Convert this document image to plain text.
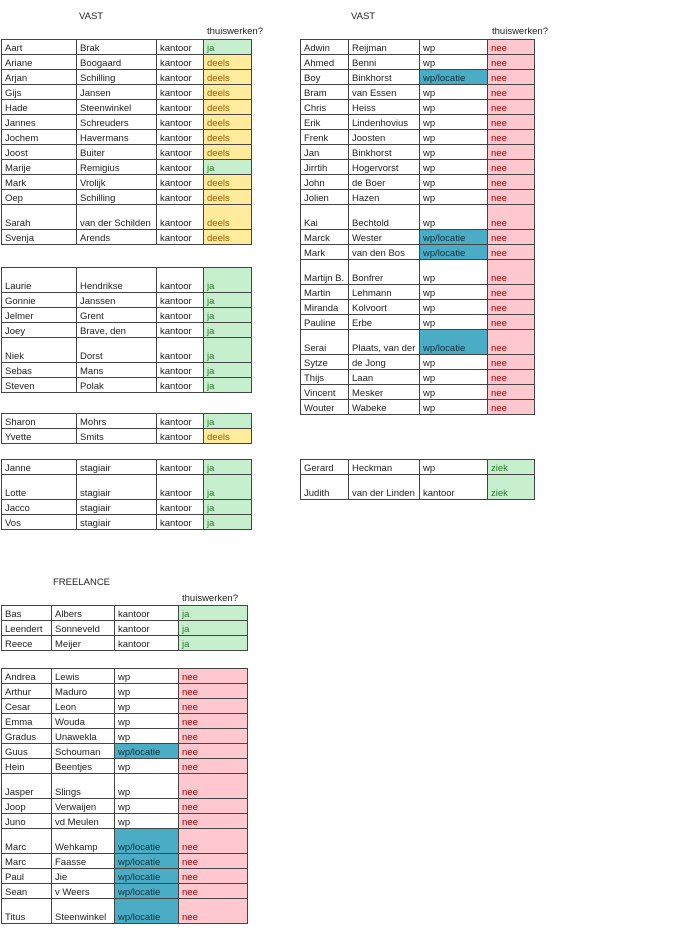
VAST
thuiswerken?
VAST
thuiswerken?
FREELANCE
thuiswerken?
Aart	Brak	kantoor	ja
Ariane	Boogaard	kantoor	deels
Arjan	Schilling	kantoor	deels
Gijs	Jansen	kantoor	deels
Hade	Steenwinkel	kantoor	deels
Jannes	Schreuders	kantoor	deels
Jochem	Havermans	kantoor	deels
Joost	Buiter	kantoor	deels
Marije	Remigius	kantoor	ja
Mark	Vrolijk	kantoor	deels
Oep	Schilling	kantoor	deels
Sarah	van der Schilden	kantoor	deels
Svenja	Arends	kantoor	deels
Laurie	Hendrikse	kantoor	ja
Gonnie	Janssen	kantoor	ja
Jelmer	Grent	kantoor	ja
Joey	Brave, den	kantoor	ja
Niek	Dorst	kantoor	ja
Sebas	Mans	kantoor	ja
Steven	Polak	kantoor	ja
Sharon	Mohrs	kantoor	ja
Yvette	Smits	kantoor	deels
Janne	stagiair	kantoor	ja
Lotte	stagiair	kantoor	ja
Jacco	stagiair	kantoor	ja
Vos	stagiair	kantoor	ja
Adwin	Reijman	wp	nee
Ahmed	Benni	wp	nee
Boy	Binkhorst	wp/locatie	nee
Bram	van Essen	wp	nee
Chris	Heiss	wp	nee
Erik	Lindenhovius	wp	nee
Frenk	Joosten	wp	nee
Jan	Binkhorst	wp	nee
Jirrtih	Hogervorst	wp	nee
John	de Boer	wp	nee
Jolien	Hazen	wp	nee
Kai	Bechtold	wp	nee
Marck	Wester	wp/locatie	nee
Mark	van den Bos	wp/locatie	nee
Martijn B.	Bonfrer	wp	nee
Martin	Lehmann	wp	nee
Miranda	Kolvoort	wp	nee
Pauline	Erbe	wp	nee
Serai	Plaats, van der	wp/locatie	nee
Sytze	de Jong	wp	nee
Thijs	Laan	wp	nee
Vincent	Mesker	wp	nee
Wouter	Wabeke	wp	nee
Gerard	Heckman	wp	ziek
Judith	van der Linden	kantoor	ziek
Bas	Albers	kantoor	ja
Leendert	Sonneveld	kantoor	ja
Reece	Meijer	kantoor	ja
Andrea	Lewis	wp	nee
Arthur	Maduro	wp	nee
Cesar	Leon	wp	nee
Emma	Wouda	wp	nee
Gradus	Unawekla	wp	nee
Guus	Schouman	wp/locatie	nee
Hein	Beentjes	wp	nee
Jasper	Slings	wp	nee
Joop	Verwaijen	wp	nee
Juno	vd Meulen	wp	nee
Marc	Wehkamp	wp/locatie	nee
Marc	Faasse	wp/locatie	nee
Paul	Jie	wp/locatie	nee
Sean	v Weers	wp/locatie	nee
Titus	Steenwinkel	wp/locatie	nee
